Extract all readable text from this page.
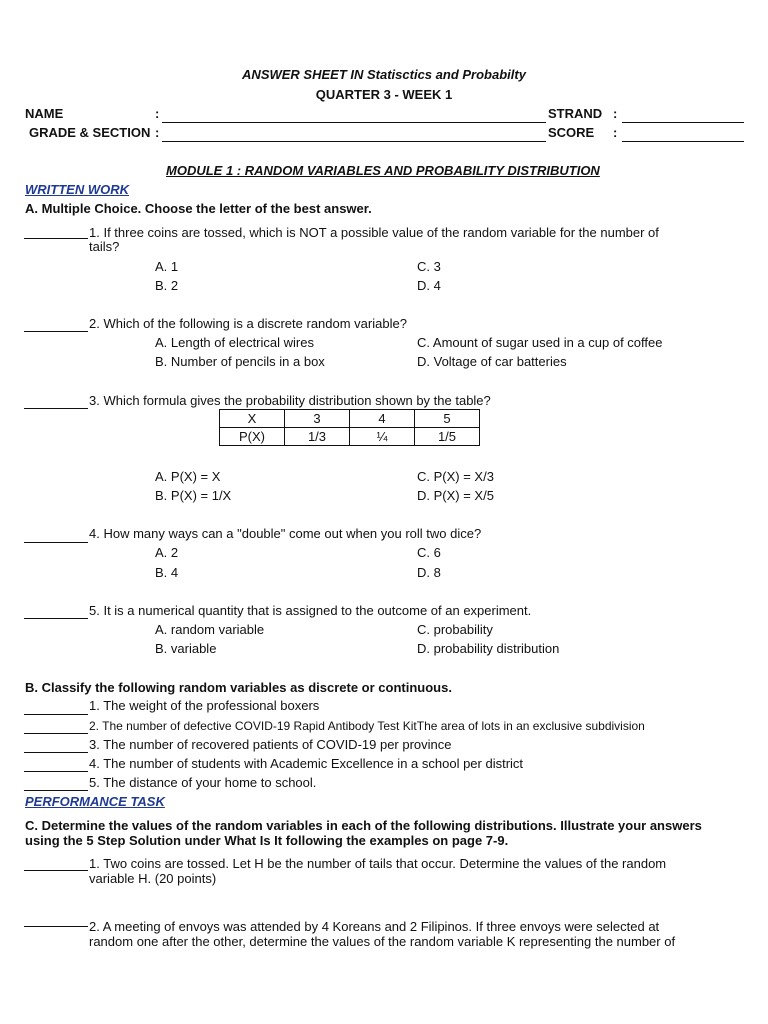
ANSWER SHEET IN Statisctics and Probabilty
QUARTER 3 - WEEK 1
NAME	:	STRAND :
GRADE & SECTION :	SCORE :
MODULE 1 : RANDOM VARIABLES AND PROBABILITY DISTRIBUTION
WRITTEN WORK
A. Multiple Choice. Choose the letter of the best answer.
1. If three coins are tossed, which is NOT a possible value of the random variable for the number of
tails?
A. 1
B. 2
C. 3
D. 4
2. Which of the following is a discrete random variable?
A. Length of electrical wires
B. Number of pencils in a box
C. Amount of sugar used in a cup of coffee
D. Voltage of car batteries
3. Which formula gives the probability distribution shown by the table?
X	3	4	5
P(X)	1/3	¼	1/5
A. P(X) = X
B. P(X) = 1/X
C. P(X) = X/3
D. P(X) = X/5
4. How many ways can a "double" come out when you roll two dice?
A. 2
B. 4
C. 6
D. 8
5. It is a numerical quantity that is assigned to the outcome of an experiment.
A. random variable
B. variable
C. probability
D. probability distribution
B. Classify the following random variables as discrete or continuous.
1. The weight of the professional boxers
2. The number of defective COVID-19 Rapid Antibody Test KitThe area of lots in an exclusive subdivision
3. The number of recovered patients of COVID-19 per province
4. The number of students with Academic Excellence in a school per district
5. The distance of your home to school.
PERFORMANCE TASK
C. Determine the values of the random variables in each of the following distributions. Illustrate your answers
using the 5 Step Solution under What Is It following the examples on page 7-9.
1. Two coins are tossed. Let H be the number of tails that occur. Determine the values of the random
variable H. (20 points)
2. A meeting of envoys was attended by 4 Koreans and 2 Filipinos. If three envoys were selected at
random one after the other, determine the values of the random variable K representing the number of
